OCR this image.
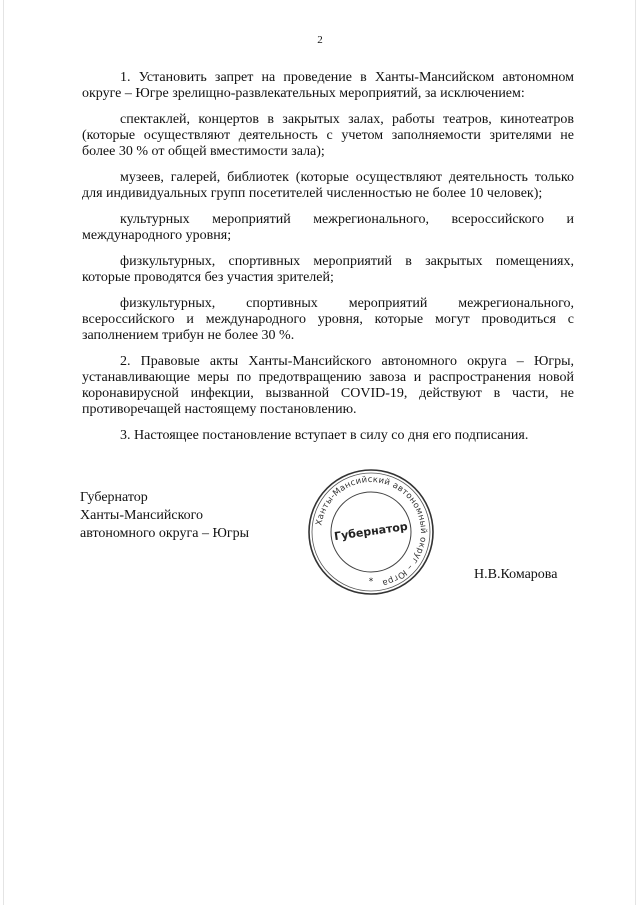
2

1. Установить запрет на проведение в Ханты-Мансийском автономном округе – Югре зрелищно-развлекательных мероприятий, за исключением:

спектаклей, концертов в закрытых залах, работы театров, кинотеатров (которые осуществляют деятельность с учетом заполняемости зрителями не более 30 % от общей вместимости зала);

музеев, галерей, библиотек (которые осуществляют деятельность только для индивидуальных групп посетителей численностью не более 10 человек);

культурных мероприятий межрегионального, всероссийского и международного уровня;

физкультурных, спортивных мероприятий в закрытых помещениях, которые проводятся без участия зрителей;

физкультурных, спортивных мероприятий межрегионального, всероссийского и международного уровня, которые могут проводиться с заполнением трибун не более 30 %.

2. Правовые акты Ханты-Мансийского автономного округа – Югры, устанавливающие меры по предотвращению завоза и распространения новой коронавирусной инфекции, вызванной COVID-19, действуют в части, не противоречащей настоящему постановлению.

3. Настоящее постановление вступает в силу со дня его подписания.

Губернатор
Ханты-Мансийского
автономного округа – Югры
Ханты-Мансийский автономный округ – Югра
Губернатор
*	Н.В.Комарова
